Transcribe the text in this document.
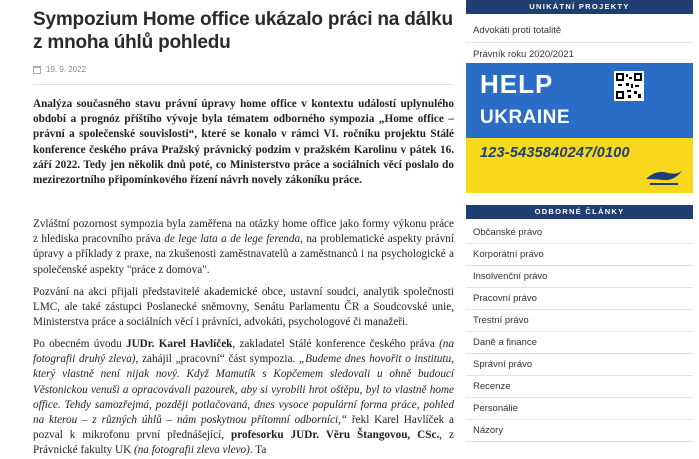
Sympozium Home office ukázalo práci na dálku z mnoha úhlů pohledu
19. 9. 2022

Analýza současného stavu právní úpravy home office v kontextu událostí uplynulého období a prognóz příštího vývoje byla tématem odborného sympozia „Home office – právní a společenské souvislosti“, které se konalo v rámci VI. ročníku projektu Stálé konference českého práva Pražský právnický podzim v pražském Karolinu v pátek 16. září 2022. Tedy jen několik dnů poté, co Ministerstvo práce a sociálních věcí poslalo do mezirezortního připomínkového řízení návrh novely zákoníku práce.

Zvláštní pozornost sympozia byla zaměřena na otázky home office jako formy výkonu práce z hlediska pracovního práva de lege lata a de lege ferenda, na problematické aspekty právní úpravy a příklady z praxe, na zkušenosti zaměstnavatelů a zaměstnanců i na psychologické a společenské aspekty "práce z domova".

Pozvání na akci přijali představitelé akademické obce, ustavní soudci, analytik společnosti LMC, ale také zástupci Poslanecké sněmovny, Senátu Parlamentu ČR a Soudcovské unie, Ministerstva práce a sociálních věcí i právníci, advokáti, psychologové či manažeři.

Po obecném úvodu JUDr. Karel Havlíček, zakladatel Stálé konference českého práva (na fotografii druhý zleva), zahájil „pracovní“ část sympozia. „Budeme dnes hovořit o institutu, který vlastně není nijak nový. Když Mamutík s Kopčemem sledovali u ohně budoucí Věstonickou venuši a opracovávali pazourek, aby si vyrobili hrot oštěpu, byl to vlastně home office. Tehdy samozřejmá, později potlačovaná, dnes vysoce populární forma práce, pohled na kterou – z různých úhlů – nám poskytnou přítomní odborníci,“ řekl Karel Havlíček a pozval k mikrofonu první přednášející, profesorku JUDr. Věru Štangovou, CSc., z Právnické fakulty UK (na fotografii zleva vlevo). Ta

UNIKÁTNÍ PROJEKTY
Advokáti proti totalitě
Právník roku 2020/2021
HELP
UKRAINE
123-5435840247/0100
ODBORNÉ ČLÁNKY
Občanské právo
Korporátní právo
Insolvenční právo
Pracovní právo
Trestní právo
Daně a finance
Správní právo
Recenze
Personálie
Názory
